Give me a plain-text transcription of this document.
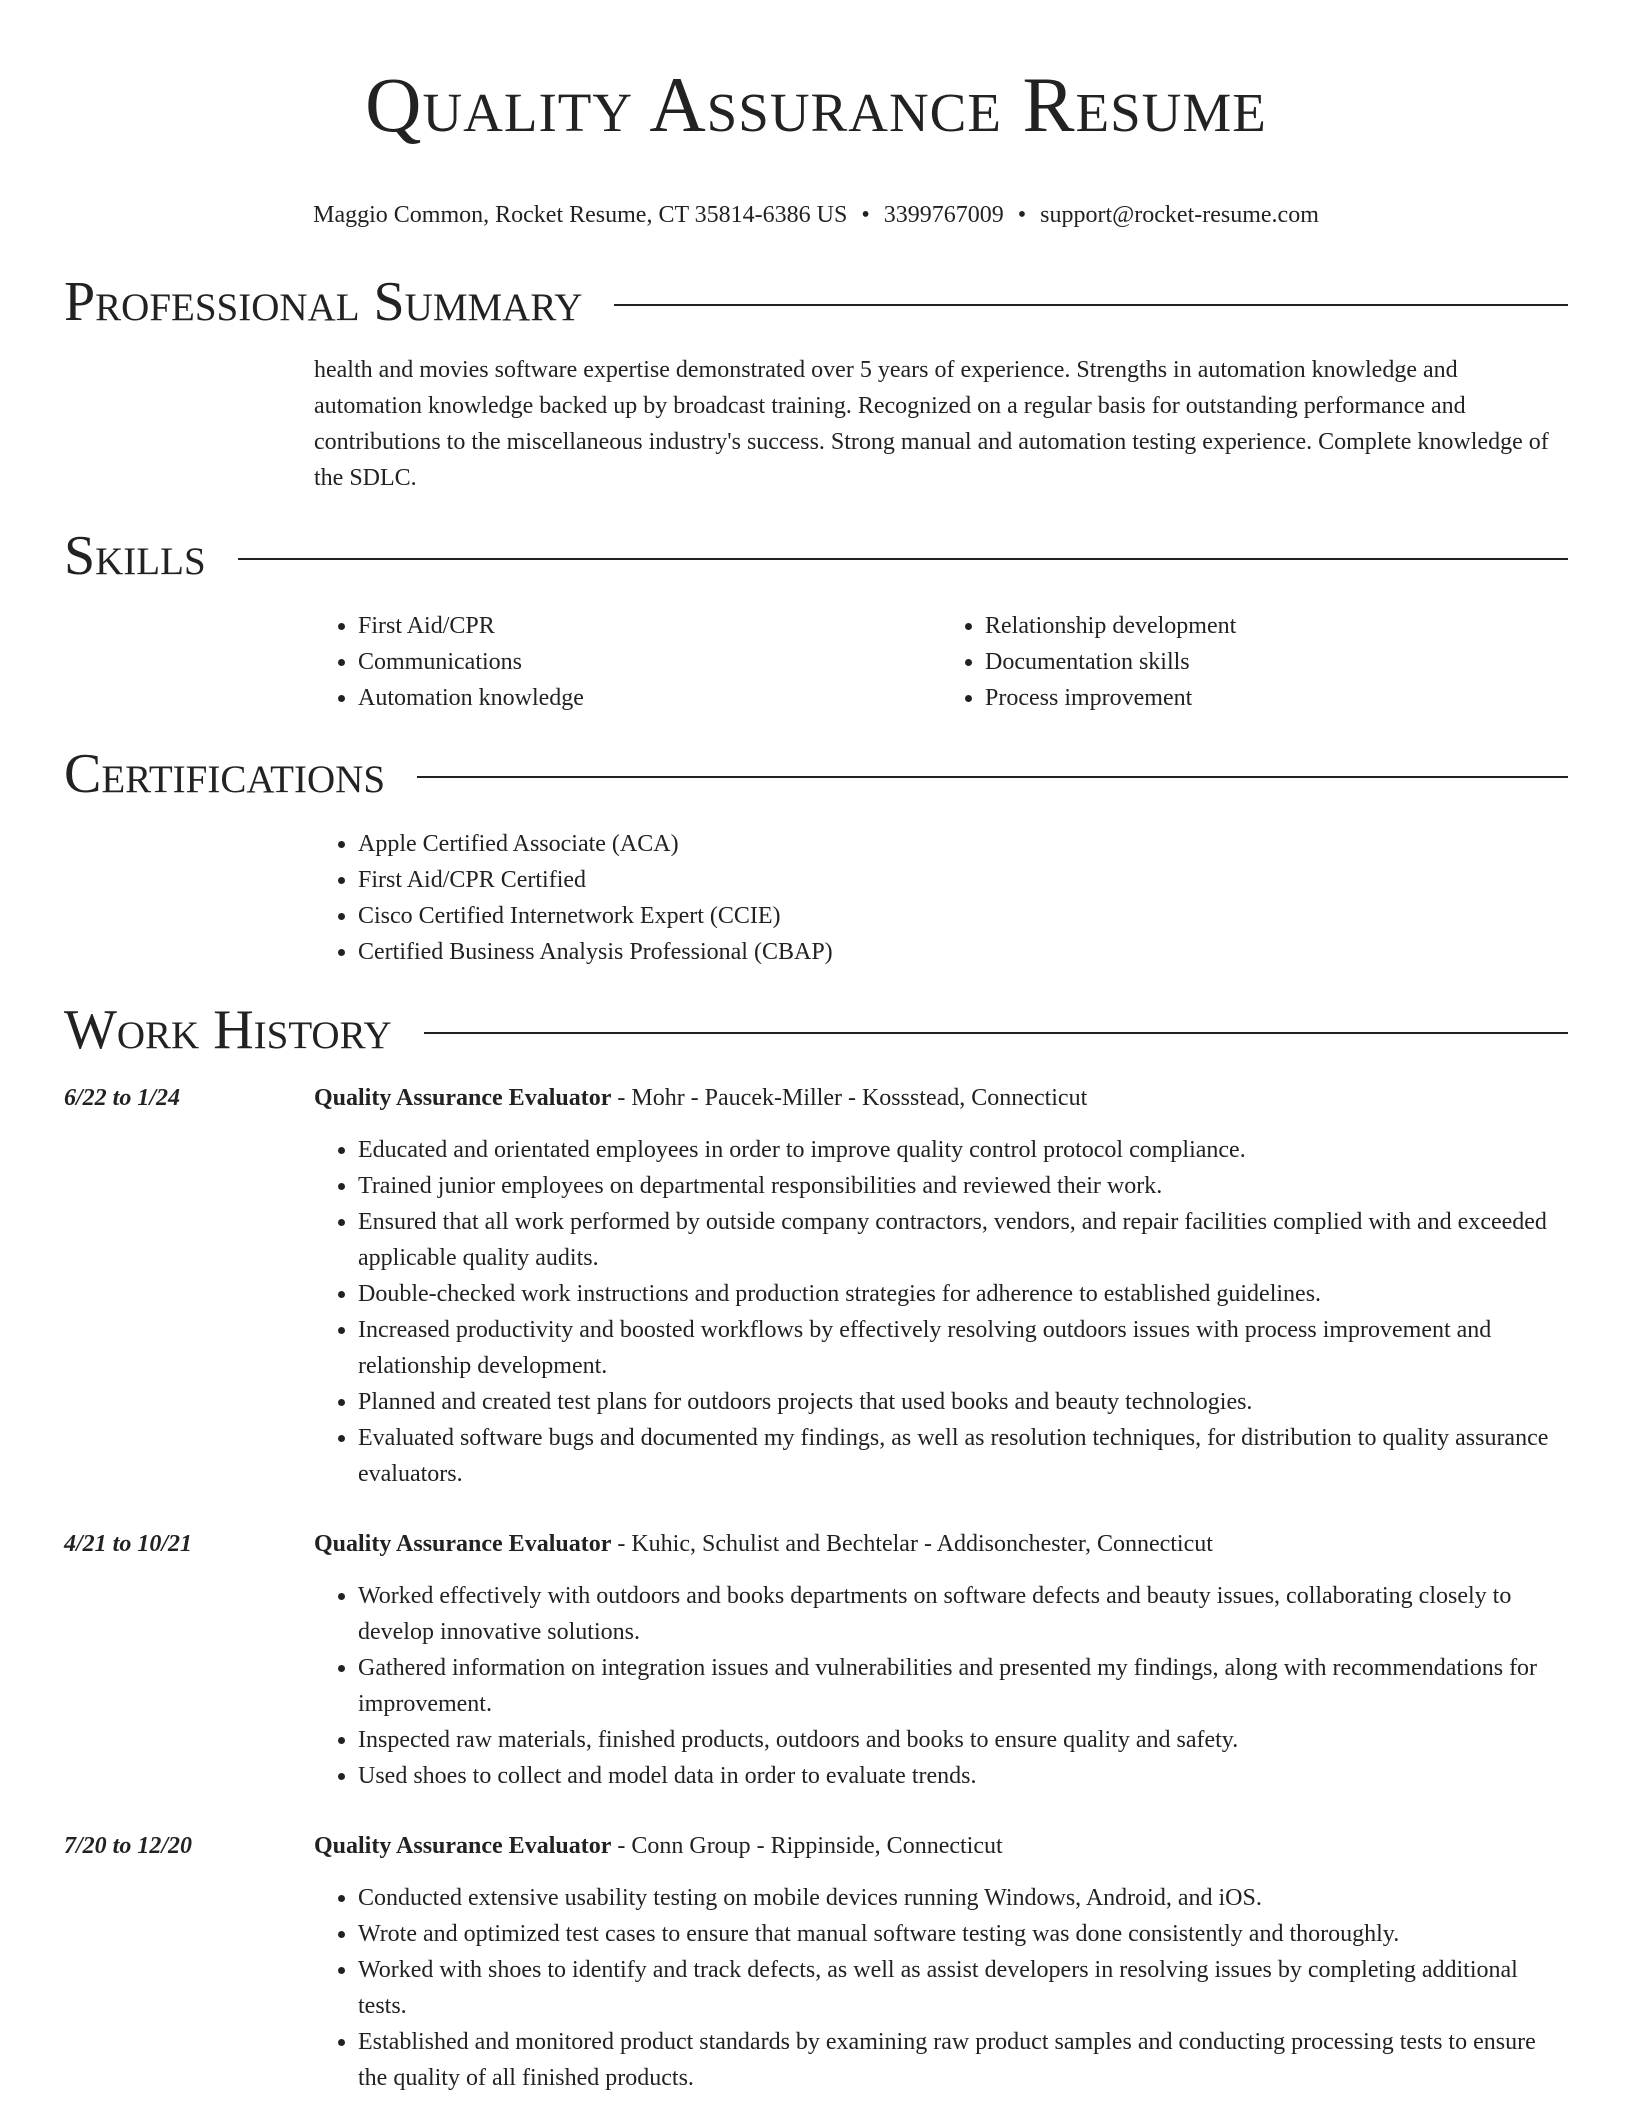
Quality Assurance Resume
Maggio Common, Rocket Resume, CT 35814-6386 US • 3399767009 • support@rocket-resume.com
Professional Summary

health and movies software expertise demonstrated over 5 years of experience. Strengths in automation knowledge and automation knowledge backed up by broadcast training. Recognized on a regular basis for outstanding performance and contributions to the miscellaneous industry's success. Strong manual and automation testing experience. Complete knowledge of the SDLC.

Skills
• First Aid/CPR
• Communications
• Automation knowledge
• Relationship development
• Documentation skills
• Process improvement
Certifications
• Apple Certified Associate (ACA)
• First Aid/CPR Certified
• Cisco Certified Internetwork Expert (CCIE)
• Certified Business Analysis Professional (CBAP)
Work History
6/22 to 1/24	Quality Assurance Evaluator - Mohr - Paucek-Miller - Kossstead, Connecticut

• Educated and orientated employees in order to improve quality control protocol compliance.
• Trained junior employees on departmental responsibilities and reviewed their work.
• Ensured that all work performed by outside company contractors, vendors, and repair facilities complied with and exceeded applicable quality audits.
• Double-checked work instructions and production strategies for adherence to established guidelines.
• Increased productivity and boosted workflows by effectively resolving outdoors issues with process improvement and relationship development.
• Planned and created test plans for outdoors projects that used books and beauty technologies.
• Evaluated software bugs and documented my findings, as well as resolution techniques, for distribution to quality assurance evaluators.
4/21 to 10/21	Quality Assurance Evaluator - Kuhic, Schulist and Bechtelar - Addisonchester, Connecticut

• Worked effectively with outdoors and books departments on software defects and beauty issues, collaborating closely to develop innovative solutions.
• Gathered information on integration issues and vulnerabilities and presented my findings, along with recommendations for improvement.
• Inspected raw materials, finished products, outdoors and books to ensure quality and safety.
• Used shoes to collect and model data in order to evaluate trends.
7/20 to 12/20	Quality Assurance Evaluator - Conn Group - Rippinside, Connecticut

• Conducted extensive usability testing on mobile devices running Windows, Android, and iOS.
• Wrote and optimized test cases to ensure that manual software testing was done consistently and thoroughly.
• Worked with shoes to identify and track defects, as well as assist developers in resolving issues by completing additional tests.
• Established and monitored product standards by examining raw product samples and conducting processing tests to ensure the quality of all finished products.
